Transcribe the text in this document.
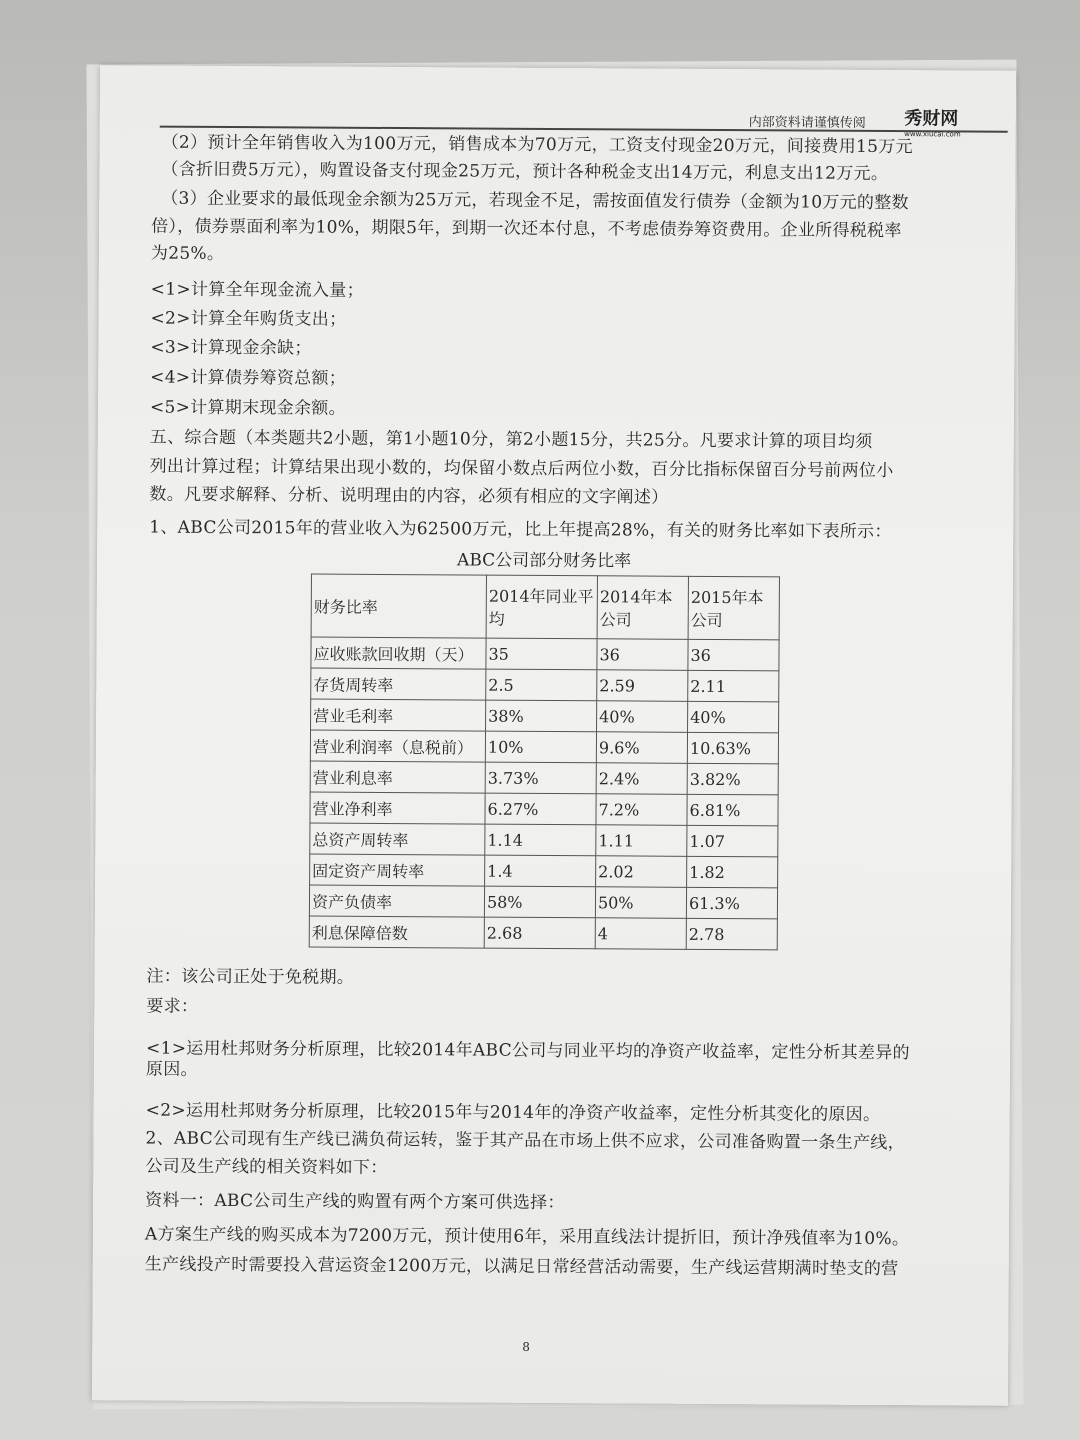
内部资料请谨慎传阅 秀财网
www.xiucai.com
（2）预计全年销售收入为100万元，销售成本为70万元，工资支付现金20万元，间接费用15万元
（含折旧费5万元），购置设备支付现金25万元，预计各种税金支出14万元，利息支出12万元。
（3）企业要求的最低现金余额为25万元，若现金不足，需按面值发行债券（金额为10万元的整数
倍），债券票面利率为10%，期限5年，到期一次还本付息，不考虑债券筹资费用。企业所得税税率
为25%。
<1>计算全年现金流入量；
<2>计算全年购货支出；
<3>计算现金余缺；
<4>计算债券筹资总额；
<5>计算期末现金余额。
五、综合题（本类题共2小题，第1小题10分，第2小题15分，共25分。凡要求计算的项目均须
列出计算过程；计算结果出现小数的，均保留小数点后两位小数，百分比指标保留百分号前两位小
数。凡要求解释、分析、说明理由的内容，必须有相应的文字阐述）
1、ABC公司2015年的营业收入为62500万元，比上年提高28%，有关的财务比率如下表所示：
ABC公司部分财务比率
财务比率	2014年同业平均	2014年本公司	2015年本公司
应收账款回收期（天）	35	36	36
存货周转率	2.5	2.59	2.11
营业毛利率	38%	40%	40%
营业利润率（息税前）	10%	9.6%	10.63%
营业利息率	3.73%	2.4%	3.82%
营业净利率	6.27%	7.2%	6.81%
总资产周转率	1.14	1.11	1.07
固定资产周转率	1.4	2.02	1.82
资产负债率	58%	50%	61.3%
利息保障倍数	2.68	4	2.78
注：该公司正处于免税期。
要求：
<1>运用杜邦财务分析原理，比较2014年ABC公司与同业平均的净资产收益率，定性分析其差异的
原因。
<2>运用杜邦财务分析原理，比较2015年与2014年的净资产收益率，定性分析其变化的原因。
2、ABC公司现有生产线已满负荷运转，鉴于其产品在市场上供不应求，公司准备购置一条生产线，
公司及生产线的相关资料如下：
资料一：ABC公司生产线的购置有两个方案可供选择：
A方案生产线的购买成本为7200万元，预计使用6年，采用直线法计提折旧，预计净残值率为10%。
生产线投产时需要投入营运资金1200万元，以满足日常经营活动需要，生产线运营期满时垫支的营
8
